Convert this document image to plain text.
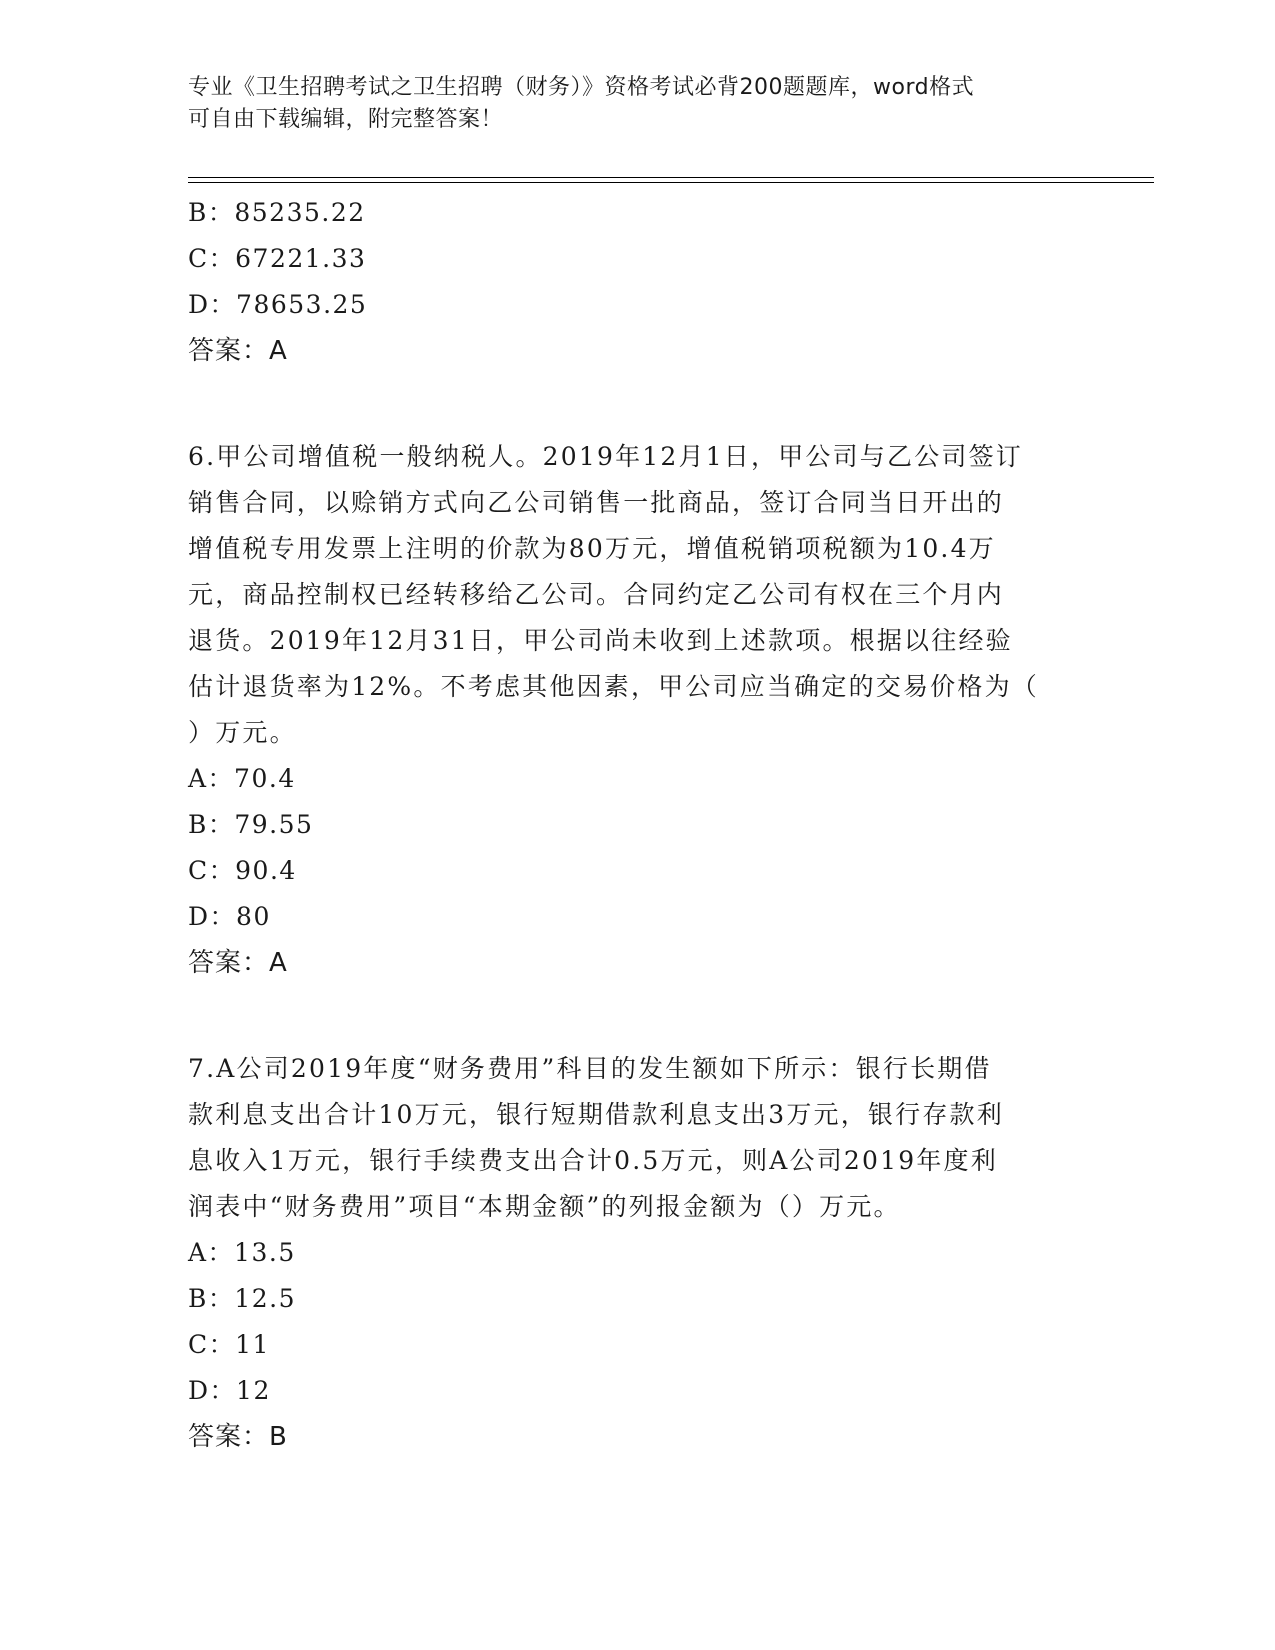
专业《卫生招聘考试之卫生招聘（财务）》资格考试必背200题题库，word格式
可自由下载编辑，附完整答案！
B：85235.22
C：67221.33
D：78653.25
答案：A
6.甲公司增值税一般纳税人。2019年12月1日，甲公司与乙公司签订
销售合同，以赊销方式向乙公司销售一批商品，签订合同当日开出的
增值税专用发票上注明的价款为80万元，增值税销项税额为10.4万
元，商品控制权已经转移给乙公司。合同约定乙公司有权在三个月内
退货。2019年12月31日，甲公司尚未收到上述款项。根据以往经验
估计退货率为12%。不考虑其他因素，甲公司应当确定的交易价格为（
）万元。
A：70.4
B：79.55
C：90.4
D：80
答案：A
7.A公司2019年度“财务费用”科目的发生额如下所示：银行长期借
款利息支出合计10万元，银行短期借款利息支出3万元，银行存款利
息收入1万元，银行手续费支出合计0.5万元，则A公司2019年度利
润表中“财务费用”项目“本期金额”的列报金额为（）万元。
A：13.5
B：12.5
C：11
D：12
答案：B
